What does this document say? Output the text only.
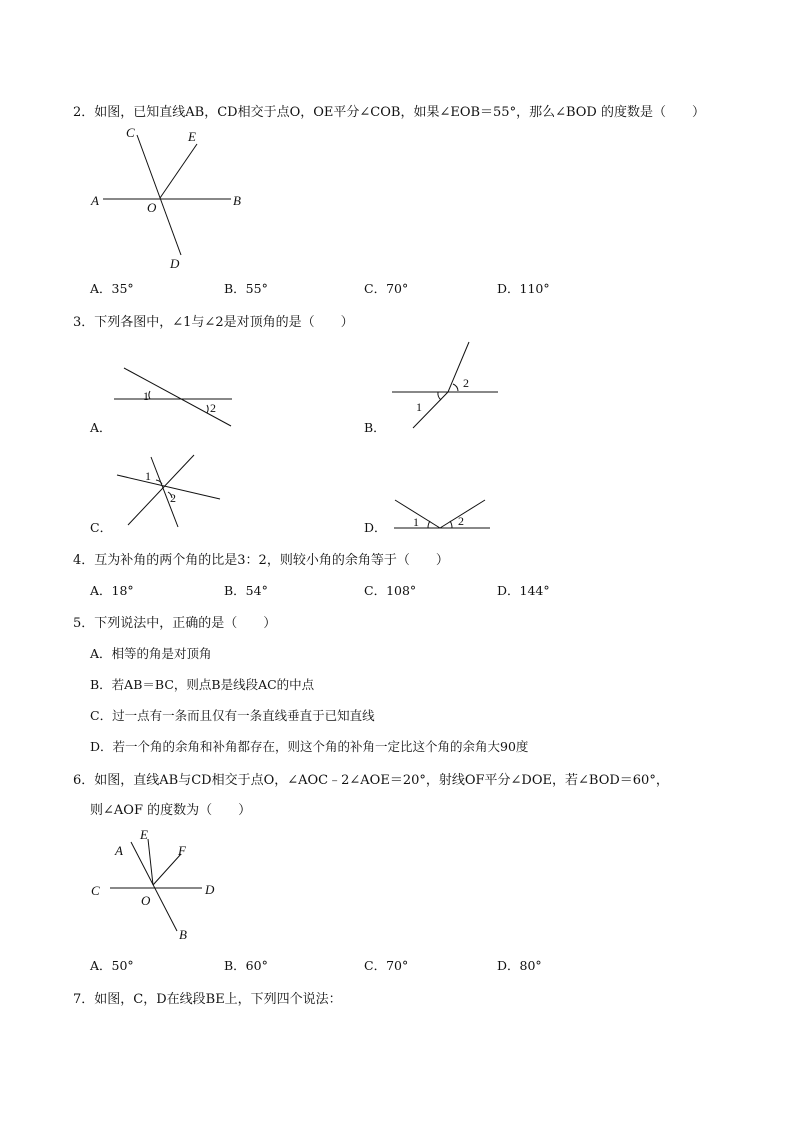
2．如图，已知直线AB，CD相交于点O，OE平分∠COB，如果∠EOB＝55°，那么∠BOD 的度数是（　　）
A	B
C
D
E
O
A．35°	B．55°	C．70°	D．110°
3．下列各图中，∠1与∠2是对顶角的是（　　）
A．
1
2
B．
2
1
C．
1
2
D． 1	2
4．互为补角的两个角的比是3：2，则较小角的余角等于（　　）
A．18°	B．54°	C．108°	D．144°
5．下列说法中，正确的是（　　）
A．相等的角是对顶角
B．若AB＝BC，则点B是线段AC的中点
C．过一点有一条而且仅有一条直线垂直于已知直线
D．若一个角的余角和补角都存在，则这个角的补角一定比这个角的余角大90度
6．如图，直线AB与CD相交于点O，∠AOC﹣2∠AOE＝20°，射线OF平分∠DOE，若∠BOD＝60°，
则∠AOF 的度数为（　　）
A
E
F
C	D
O
B
A．50°	B．60°	C．70°	D．80°
7．如图，C，D在线段BE上，下列四个说法：
